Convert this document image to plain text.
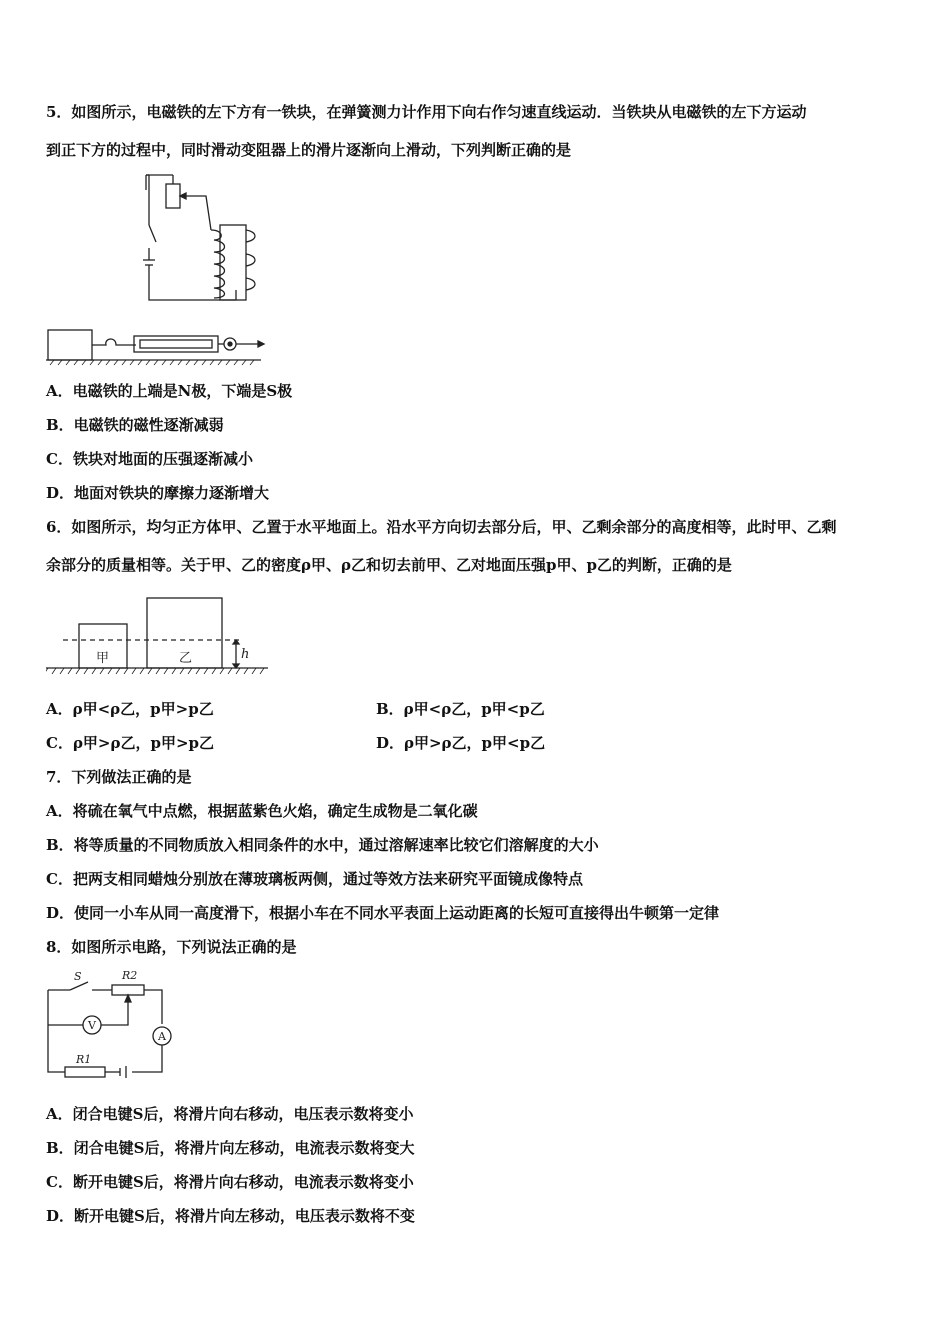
5．如图所示，电磁铁的左下方有一铁块，在弹簧测力计作用下向右作匀速直线运动．当铁块从电磁铁的左下方运动
到正下方的过程中，同时滑动变阻器上的滑片逐渐向上滑动，下列判断正确的是
A．电磁铁的上端是N极，下端是S极
B．电磁铁的磁性逐渐减弱
C．铁块对地面的压强逐渐减小
D．地面对铁块的摩擦力逐渐增大
6．如图所示，均匀正方体甲、乙置于水平地面上。沿水平方向切去部分后，甲、乙剩余部分的高度相等，此时甲、乙剩
余部分的质量相等。关于甲、乙的密度ρ甲、ρ乙和切去前甲、乙对地面压强p甲、p乙的判断，正确的是
甲	乙	h
A．ρ甲<ρ乙，p甲>p乙	B．ρ甲<ρ乙，p甲<p乙
C．ρ甲>ρ乙，p甲>p乙	D．ρ甲>ρ乙，p甲<p乙
7．下列做法正确的是
A．将硫在氧气中点燃，根据蓝紫色火焰，确定生成物是二氧化碳
B．将等质量的不同物质放入相同条件的水中，通过溶解速率比较它们溶解度的大小
C．把两支相同蜡烛分别放在薄玻璃板两侧，通过等效方法来研究平面镜成像特点
D．使同一小车从同一高度滑下，根据小车在不同水平表面上运动距离的长短可直接得出牛顿第一定律
8．如图所示电路，下列说法正确的是
S	R2
R1
V
A
A．闭合电键S后，将滑片向右移动，电压表示数将变小
B．闭合电键S后，将滑片向左移动，电流表示数将变大
C．断开电键S后，将滑片向右移动，电流表示数将变小
D．断开电键S后，将滑片向左移动，电压表示数将不变
